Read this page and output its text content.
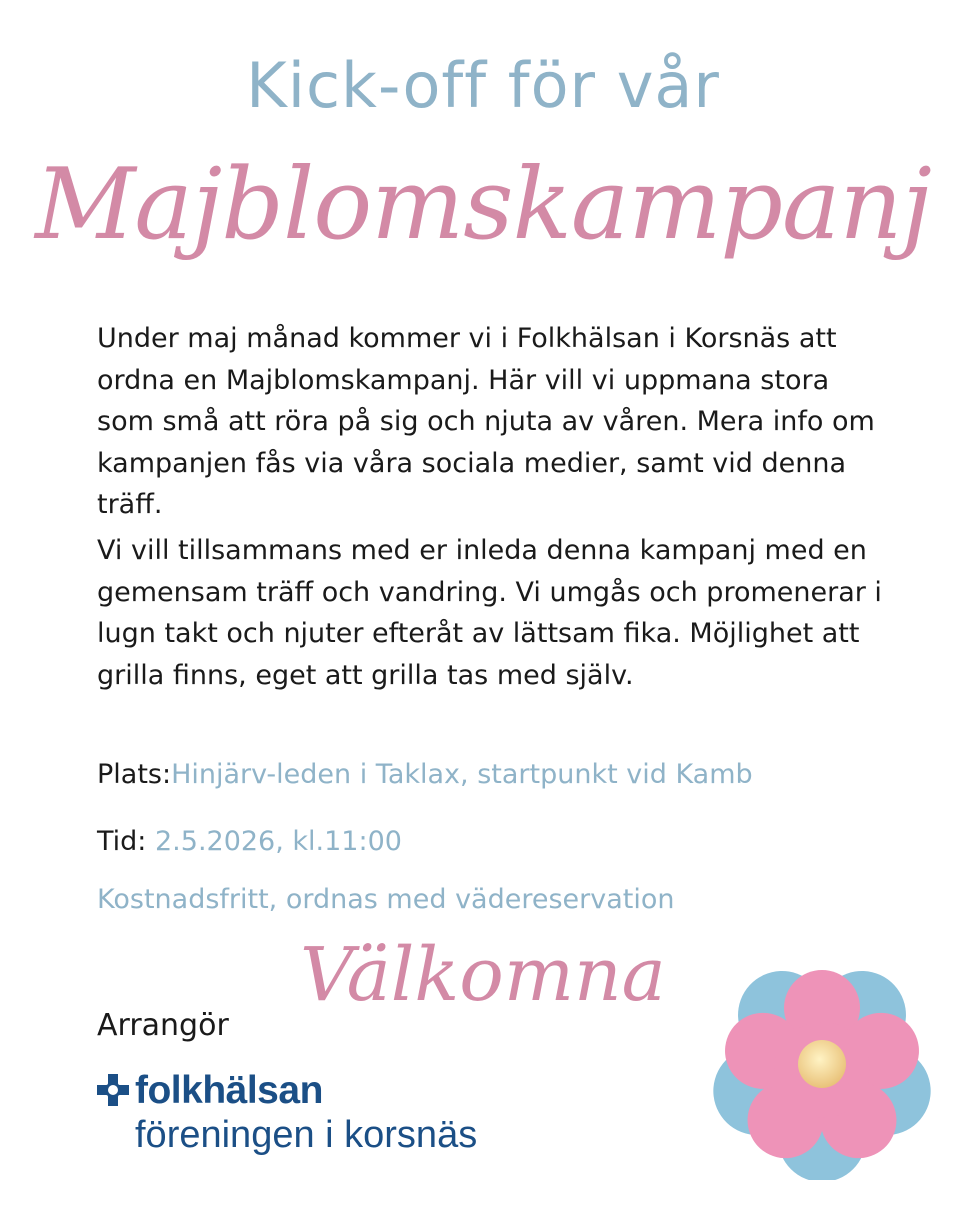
Kick-off för vår
Majblomskampanj

Under maj månad kommer vi i Folkhälsan i Korsnäs att ordna en Majblomskampanj. Här vill vi uppmana stora som små att röra på sig och njuta av våren. Mera info om kampanjen fås via våra sociala medier, samt vid denna träff.

Vi vill tillsammans med er inleda denna kampanj med en gemensam träff och vandring. Vi umgås och promenerar i lugn takt och njuter efteråt av lättsam fika. Möjlighet att grilla finns, eget att grilla tas med själv.

Plats:Hinjärv-leden i Taklax, startpunkt vid Kamb
Tid: 2.5.2026, kl.11:00
Kostnadsfritt, ordnas med vädereservation
Välkomna
Arrangör
folkhälsan
föreningen i korsnäs
